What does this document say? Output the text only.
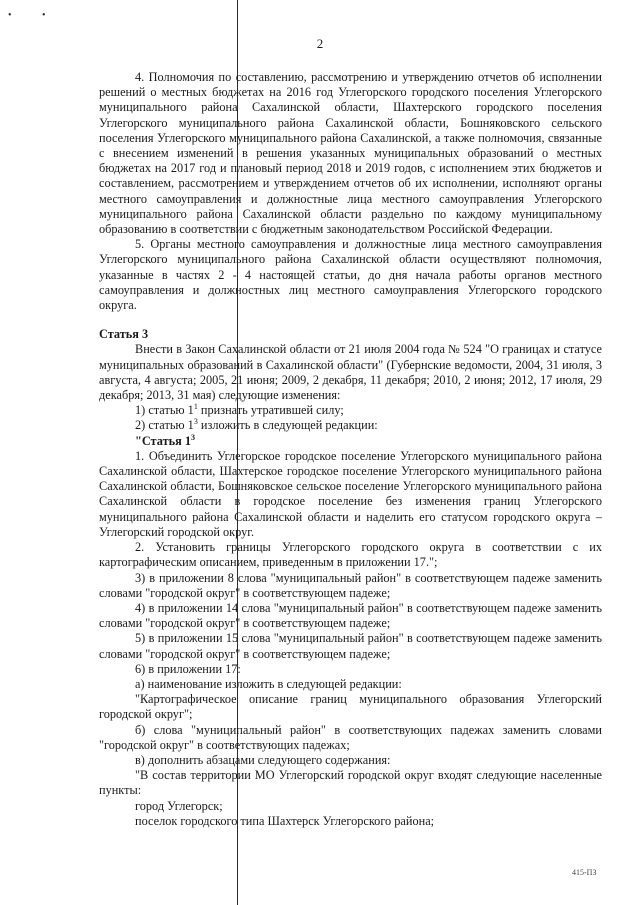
• •
2

4. Полномочия по составлению, рассмотрению и утверждению отчетов об исполнении решений о местных бюджетах на 2016 год Углегорского городского поселения Углегорского муниципального района Сахалинской области, Шахтерского городского поселения Углегорского муниципального района Сахалинской области, Бошняковского сельского поселения Углегорского муниципального района Сахалинской, а также полномочия, связанные с внесением изменений в решения указанных муниципальных образований о местных бюджетах на 2017 год и плановый период 2018 и 2019 годов, с исполнением этих бюджетов и составлением, рассмотрением и утверждением отчетов об их исполнении, исполняют органы местного самоуправления и должностные лица местного самоуправления Углегорского муниципального района Сахалинской области раздельно по каждому муниципальному образованию в соответствии с бюджетным законодательством Российской Федерации.

5. Органы местного самоуправления и должностные лица местного самоуправления Углегорского муниципального района Сахалинской области осуществляют полномочия, указанные в частях 2 - 4 настоящей статьи, до дня начала работы органов местного самоуправления и должностных лиц местного самоуправления Углегорского городского округа.

Статья 3

Внести в Закон Сахалинской области от 21 июля 2004 года № 524 "О границах и статусе муниципальных образований в Сахалинской области" (Губернские ведомости, 2004, 31 июля, 3 августа, 4 августа; 2005, 21 июня; 2009, 2 декабря, 11 декабря; 2010, 2 июня; 2012, 17 июля, 29 декабря; 2013, 31 мая) следующие изменения:

1) статью $1^1$ признать утратившей силу;

2) статью $1^3$ изложить в следующей редакции:

"Статья $1^3$

1. Объединить Углегорское городское поселение Углегорского муниципального района Сахалинской области, Шахтерское городское поселение Углегорского муниципального района Сахалинской области, Бошняковское сельское поселение Углегорского муниципального района Сахалинской области в городское поселение без изменения границ Углегорского муниципального района Сахалинской области и наделить его статусом городского округа – Углегорский городской округ.

2. Установить границы Углегорского городского округа в соответствии с их картографическим описанием, приведенным в приложении 17.";

3) в приложении 8 слова "муниципальный район" в соответствующем падеже заменить словами "городской округ" в соответствующем падеже;

4) в приложении 14 слова "муниципальный район" в соответствующем падеже заменить словами "городской округ" в соответствующем падеже;

5) в приложении 15 слова "муниципальный район" в соответствующем падеже заменить словами "городской округ" в соответствующем падеже;

6) в приложении 17:

а) наименование изложить в следующей редакции:

"Картографическое описание границ муниципального образования Углегорский городской округ";

б) слова "муниципальный район" в соответствующих падежах заменить словами "городской округ" в соответствующих падежах;

в) дополнить абзацами следующего содержания:

"В состав территории МО Углегорский городской округ входят следующие населенные пункты:

город Углегорск;

поселок городского типа Шахтерск Углегорского района;

415-ПЗ
